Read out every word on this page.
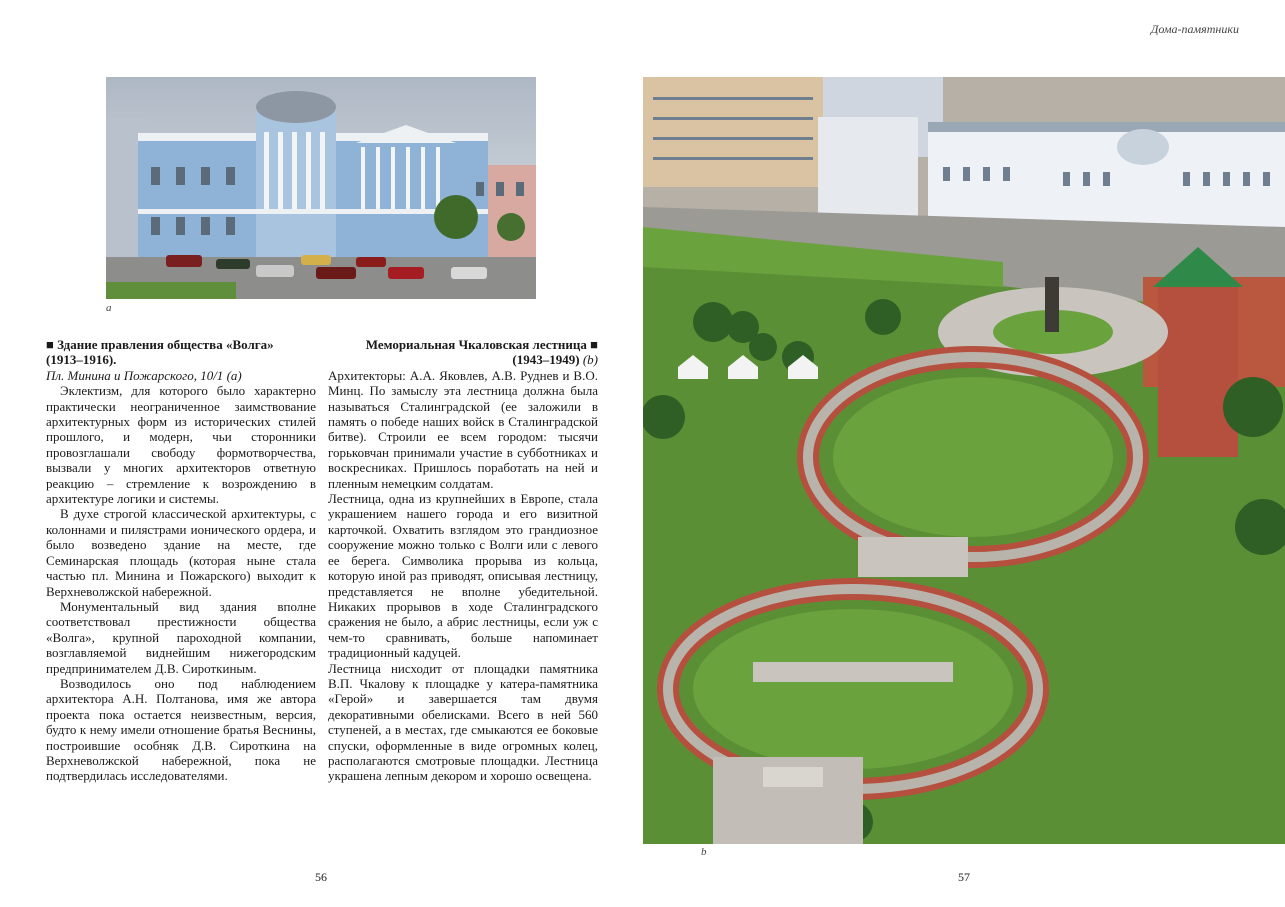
Дома-памятники
a
■ Здание правления общества «Волга»
(1913–1916).
Пл. Минина и Пожарского, 10/1 (a)

Эклектизм, для которого было характерно практически неограниченное заимствование архитектурных форм из исторических стилей прошлого, и модерн, чьи сторонники провозглашали свободу формотворчества, вызвали у многих архитекторов ответную реакцию – стремление к возрождению в архитектуре логики и системы.

В духе строгой классической архитектуры, с колоннами и пилястрами ионического ордера, и было возведено здание на месте, где Семинарская площадь (которая ныне стала частью пл. Минина и Пожарского) выходит к Верхневолжской набережной.

Монументальный вид здания вполне соответствовал престижности общества «Волга», крупной пароходной компании, возглавляемой виднейшим нижегородским предпринимателем Д.В. Сироткиным.

Возводилось оно под наблюдением архитектора А.Н. Полтанова, имя же автора проекта пока остается неизвестным, версия, будто к нему имели отношение братья Веснины, построившие особняк Д.В. Сироткина на Верхневолжской набережной, пока не подтвердилась исследователями.

Мемориальная Чкаловская лестница ■
(1943–1949) (b)

Архитекторы: А.А. Яковлев, А.В. Руднев и В.О. Минц. По замыслу эта лестница должна была называться Сталинградской (ее заложили в память о победе наших войск в Сталинградской битве). Строили ее всем городом: тысячи горьковчан принимали участие в субботниках и воскресниках. Пришлось поработать на ней и пленным немецким солдатам.

Лестница, одна из крупнейших в Европе, стала украшением нашего города и его визитной карточкой. Охватить взглядом это грандиозное сооружение можно только с Волги или с левого ее берега. Символика прорыва из кольца, которую иной раз приводят, описывая лестницу, представляется не вполне убедительной. Никаких прорывов в ходе Сталинградского сражения не было, а абрис лестницы, если уж с чем-то сравнивать, больше напоминает традиционный кадуцей.

Лестница нисходит от площадки памятника В.П. Чкалову к площадке у катера-памятника «Герой» и завершается там двумя декоративными обелисками. Всего в ней 560 ступеней, а в местах, где смыкаются ее боковые спуски, оформленные в виде огромных колец, располагаются смотровые площадки. Лестница украшена лепным декором и хорошо освещена.

56
b
57
